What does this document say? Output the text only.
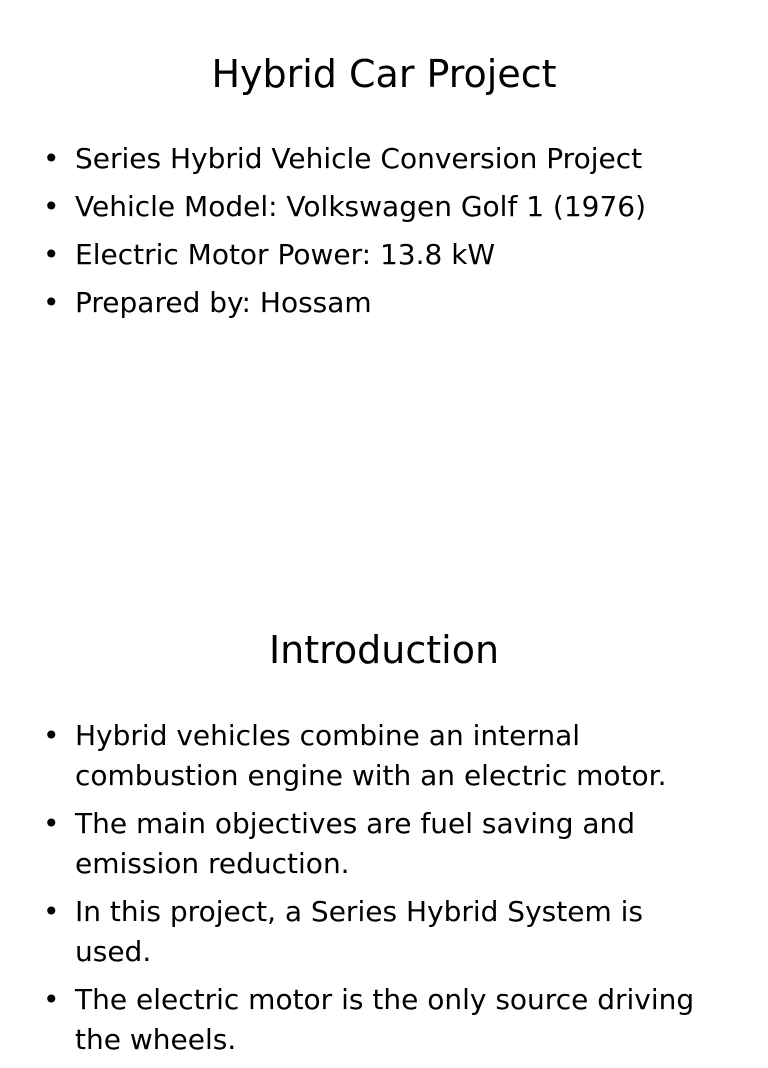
Hybrid Car Project
• Series Hybrid Vehicle Conversion Project
• Vehicle Model: Volkswagen Golf 1 (1976)
• Electric Motor Power: 13.8 kW
• Prepared by: Hossam
Introduction
• Hybrid vehicles combine an internal combustion engine with an electric motor.
• The main objectives are fuel saving and emission reduction.
• In this project, a Series Hybrid System is used.
• The electric motor is the only source driving the wheels.
